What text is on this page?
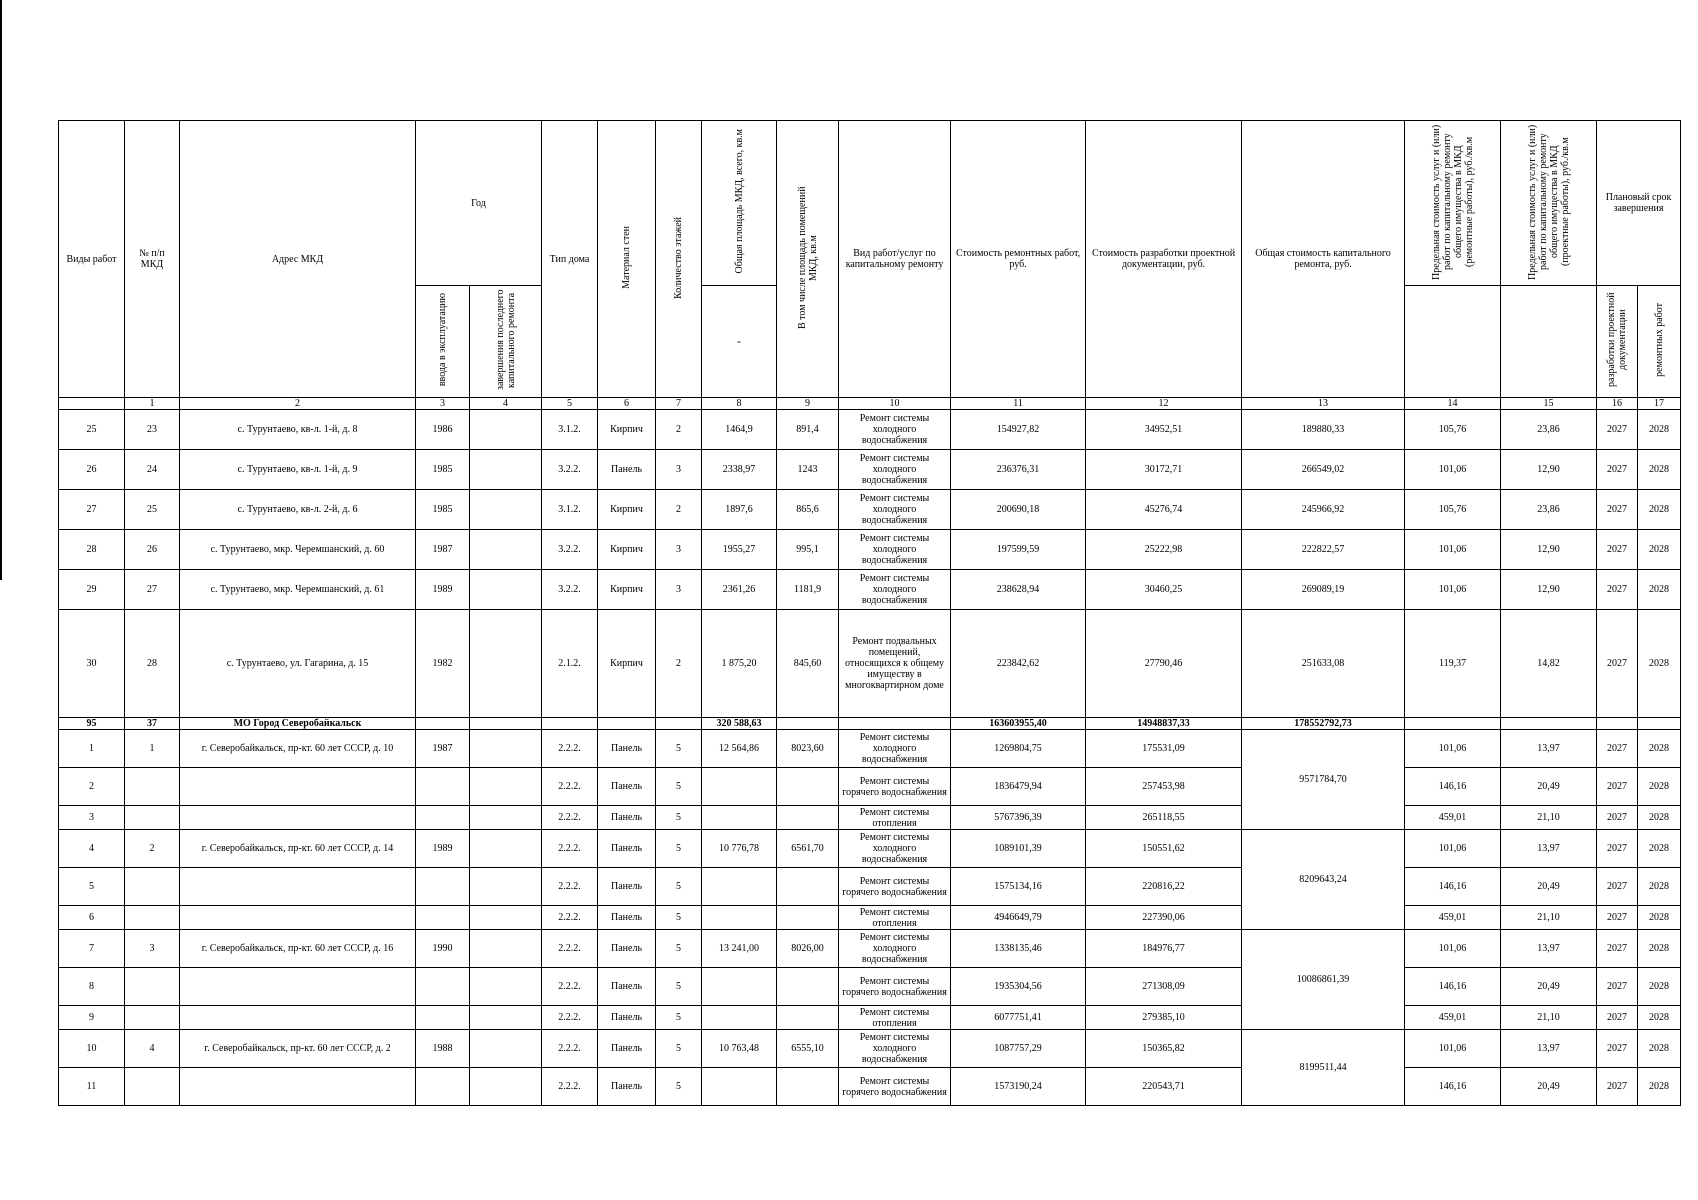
Виды работ	№ п/п МКД	Адрес МКД	Год		Тип дома	Материал стен	Количество этажей	Общая площадь МКД, всего, кв.м	В том числе площадь помещений МКД, кв.м	Вид работ/услуг по капитальному ремонту	Стоимость ремонтных работ, руб.	Стоимость разработки проектной документации, руб.	Общая стоимость капитального ремонта, руб.	Предельная стоимость услуг и (или) работ по капитальному ремонту общего имущества в МКД (ремонтные работы), руб./кв.м	Предельная стоимость услуг и (или) работ по капитальному ремонту общего имущества в МКД (проектные работы), руб./кв.м	Плановый срок завершения	
			ввода в эксплуатацию	завершения последнего капитального ремонта				-								разработки проектной документации	ремонтных работ
	1	2	3	4	5	6	7	8	9	10	11	12	13	14	15	16	17
25	23	с. Турунтаево, кв-л. 1-й, д. 8	1986		3.1.2.	Кирпич	2	1464,9	891,4	Ремонт системы холодного водоснабжения	154927,82	34952,51	189880,33	105,76	23,86	2027	2028
26	24	с. Турунтаево, кв-л. 1-й, д. 9	1985		3.2.2.	Панель	3	2338,97	1243	Ремонт системы холодного водоснабжения	236376,31	30172,71	266549,02	101,06	12,90	2027	2028
27	25	с. Турунтаево, кв-л. 2-й, д. 6	1985		3.1.2.	Кирпич	2	1897,6	865,6	Ремонт системы холодного водоснабжения	200690,18	45276,74	245966,92	105,76	23,86	2027	2028
28	26	с. Турунтаево, мкр. Черемшанский, д. 60	1987		3.2.2.	Кирпич	3	1955,27	995,1	Ремонт системы холодного водоснабжения	197599,59	25222,98	222822,57	101,06	12,90	2027	2028
29	27	с. Турунтаево, мкр. Черемшанский, д. 61	1989		3.2.2.	Кирпич	3	2361,26	1181,9	Ремонт системы холодного водоснабжения	238628,94	30460,25	269089,19	101,06	12,90	2027	2028
30	28	с. Турунтаево, ул. Гагарина, д. 15	1982		2.1.2.	Кирпич	2	1 875,20	845,60	Ремонт подвальных помещений, относящихся к общему имуществу в многоквартирном доме	223842,62	27790,46	251633,08	119,37	14,82	2027	2028
95	37	МО Город Северобайкальск						320 588,63			163603955,40	14948837,33	178552792,73				
1	1	г. Северобайкальск, пр-кт. 60 лет СССР, д. 10	1987		2.2.2.	Панель	5	12 564,86	8023,60	Ремонт системы холодного водоснабжения	1269804,75	175531,09	9571784,70	101,06	13,97	2027	2028
2					2.2.2.	Панель	5			Ремонт системы горячего водоснабжения	1836479,94	257453,98		146,16	20,49	2027	2028
3					2.2.2.	Панель	5			Ремонт системы отопления	5767396,39	265118,55		459,01	21,10	2027	2028
4	2	г. Северобайкальск, пр-кт. 60 лет СССР, д. 14	1989		2.2.2.	Панель	5	10 776,78	6561,70	Ремонт системы холодного водоснабжения	1089101,39	150551,62	8209643,24	101,06	13,97	2027	2028
5					2.2.2.	Панель	5			Ремонт системы горячего водоснабжения	1575134,16	220816,22		146,16	20,49	2027	2028
6					2.2.2.	Панель	5			Ремонт системы отопления	4946649,79	227390,06		459,01	21,10	2027	2028
7	3	г. Северобайкальск, пр-кт. 60 лет СССР, д. 16	1990		2.2.2.	Панель	5	13 241,00	8026,00	Ремонт системы холодного водоснабжения	1338135,46	184976,77	10086861,39	101,06	13,97	2027	2028
8					2.2.2.	Панель	5			Ремонт системы горячего водоснабжения	1935304,56	271308,09		146,16	20,49	2027	2028
9					2.2.2.	Панель	5			Ремонт системы отопления	6077751,41	279385,10		459,01	21,10	2027	2028
10	4	г. Северобайкальск, пр-кт. 60 лет СССР, д. 2	1988		2.2.2.	Панель	5	10 763,48	6555,10	Ремонт системы холодного водоснабжения	1087757,29	150365,82	8199511,44	101,06	13,97	2027	2028
11					2.2.2.	Панель	5			Ремонт системы горячего водоснабжения	1573190,24	220543,71		146,16	20,49	2027	2028
